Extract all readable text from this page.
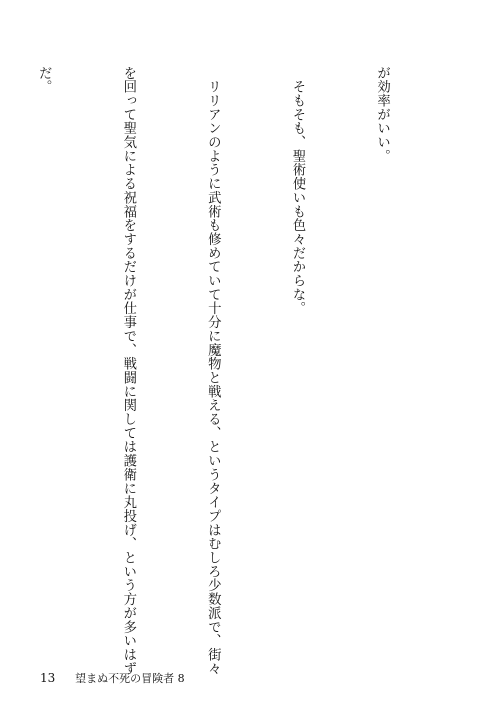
が効率がいい。

　そもそも、聖術使いも色々だからな。

　リリアンのように武術も修めていて十分に魔物と戦える、というタイプはむしろ少数派で、街々

を回って聖気による祝福をするだけが仕事で、戦闘に関しては護衛に丸投げ、という方が多いはず

だ。

13 望まぬ不死の冒険者 8
